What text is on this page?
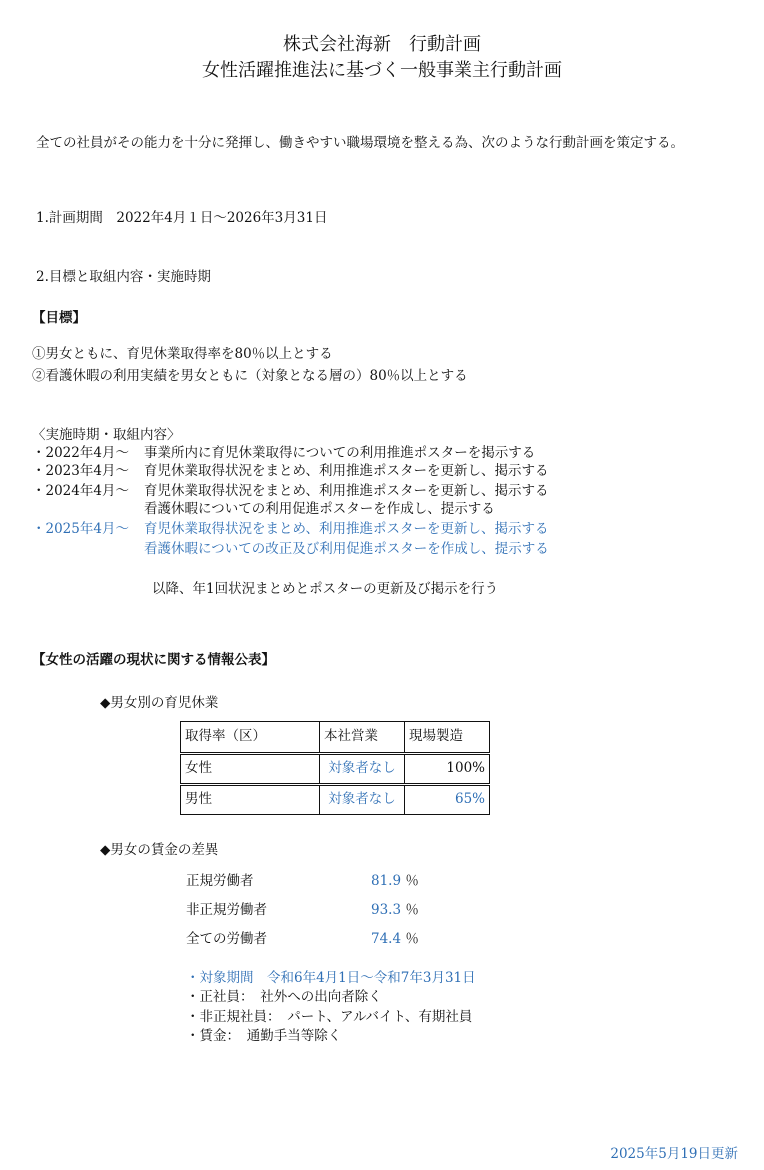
株式会社海新　行動計画
女性活躍推進法に基づく一般事業主行動計画
全ての社員がその能力を十分に発揮し、働きやすい職場環境を整える為、次のような行動計画を策定する。
1.計画期間　2022年4月１日～2026年3月31日
2.目標と取組内容・実施時期
【目標】
①男女ともに、育児休業取得率を80％以上とする
②看護休暇の利用実績を男女ともに（対象となる層の）80％以上とする
〈実施時期・取組内容〉
・2022年4月～ 事業所内に育児休業取得についての利用推進ポスターを掲示する
・2023年4月～ 育児休業取得状況をまとめ、利用推進ポスターを更新し、掲示する
・2024年4月～ 育児休業取得状況をまとめ、利用推進ポスターを更新し、掲示する
看護休暇についての利用促進ポスターを作成し、提示する
・2025年4月～ 育児休業取得状況をまとめ、利用推進ポスターを更新し、掲示する
看護休暇についての改正及び利用促進ポスターを作成し、提示する
以降、年1回状況まとめとポスターの更新及び掲示を行う
【女性の活躍の現状に関する情報公表】
◆男女別の育児休業
取得率（区）	本社営業	現場製造
女性	対象者なし	100%
男性	対象者なし	65%
◆男女の賃金の差異
正規労働者	81.9 ％
非正規労働者	93.3 ％
全ての労働者	74.4 ％
・対象期間　令和6年4月1日～令和7年3月31日
・正社員：　社外への出向者除く
・非正規社員：　パート、アルバイト、有期社員
・賃金：　通勤手当等除く
2025年5月19日更新
